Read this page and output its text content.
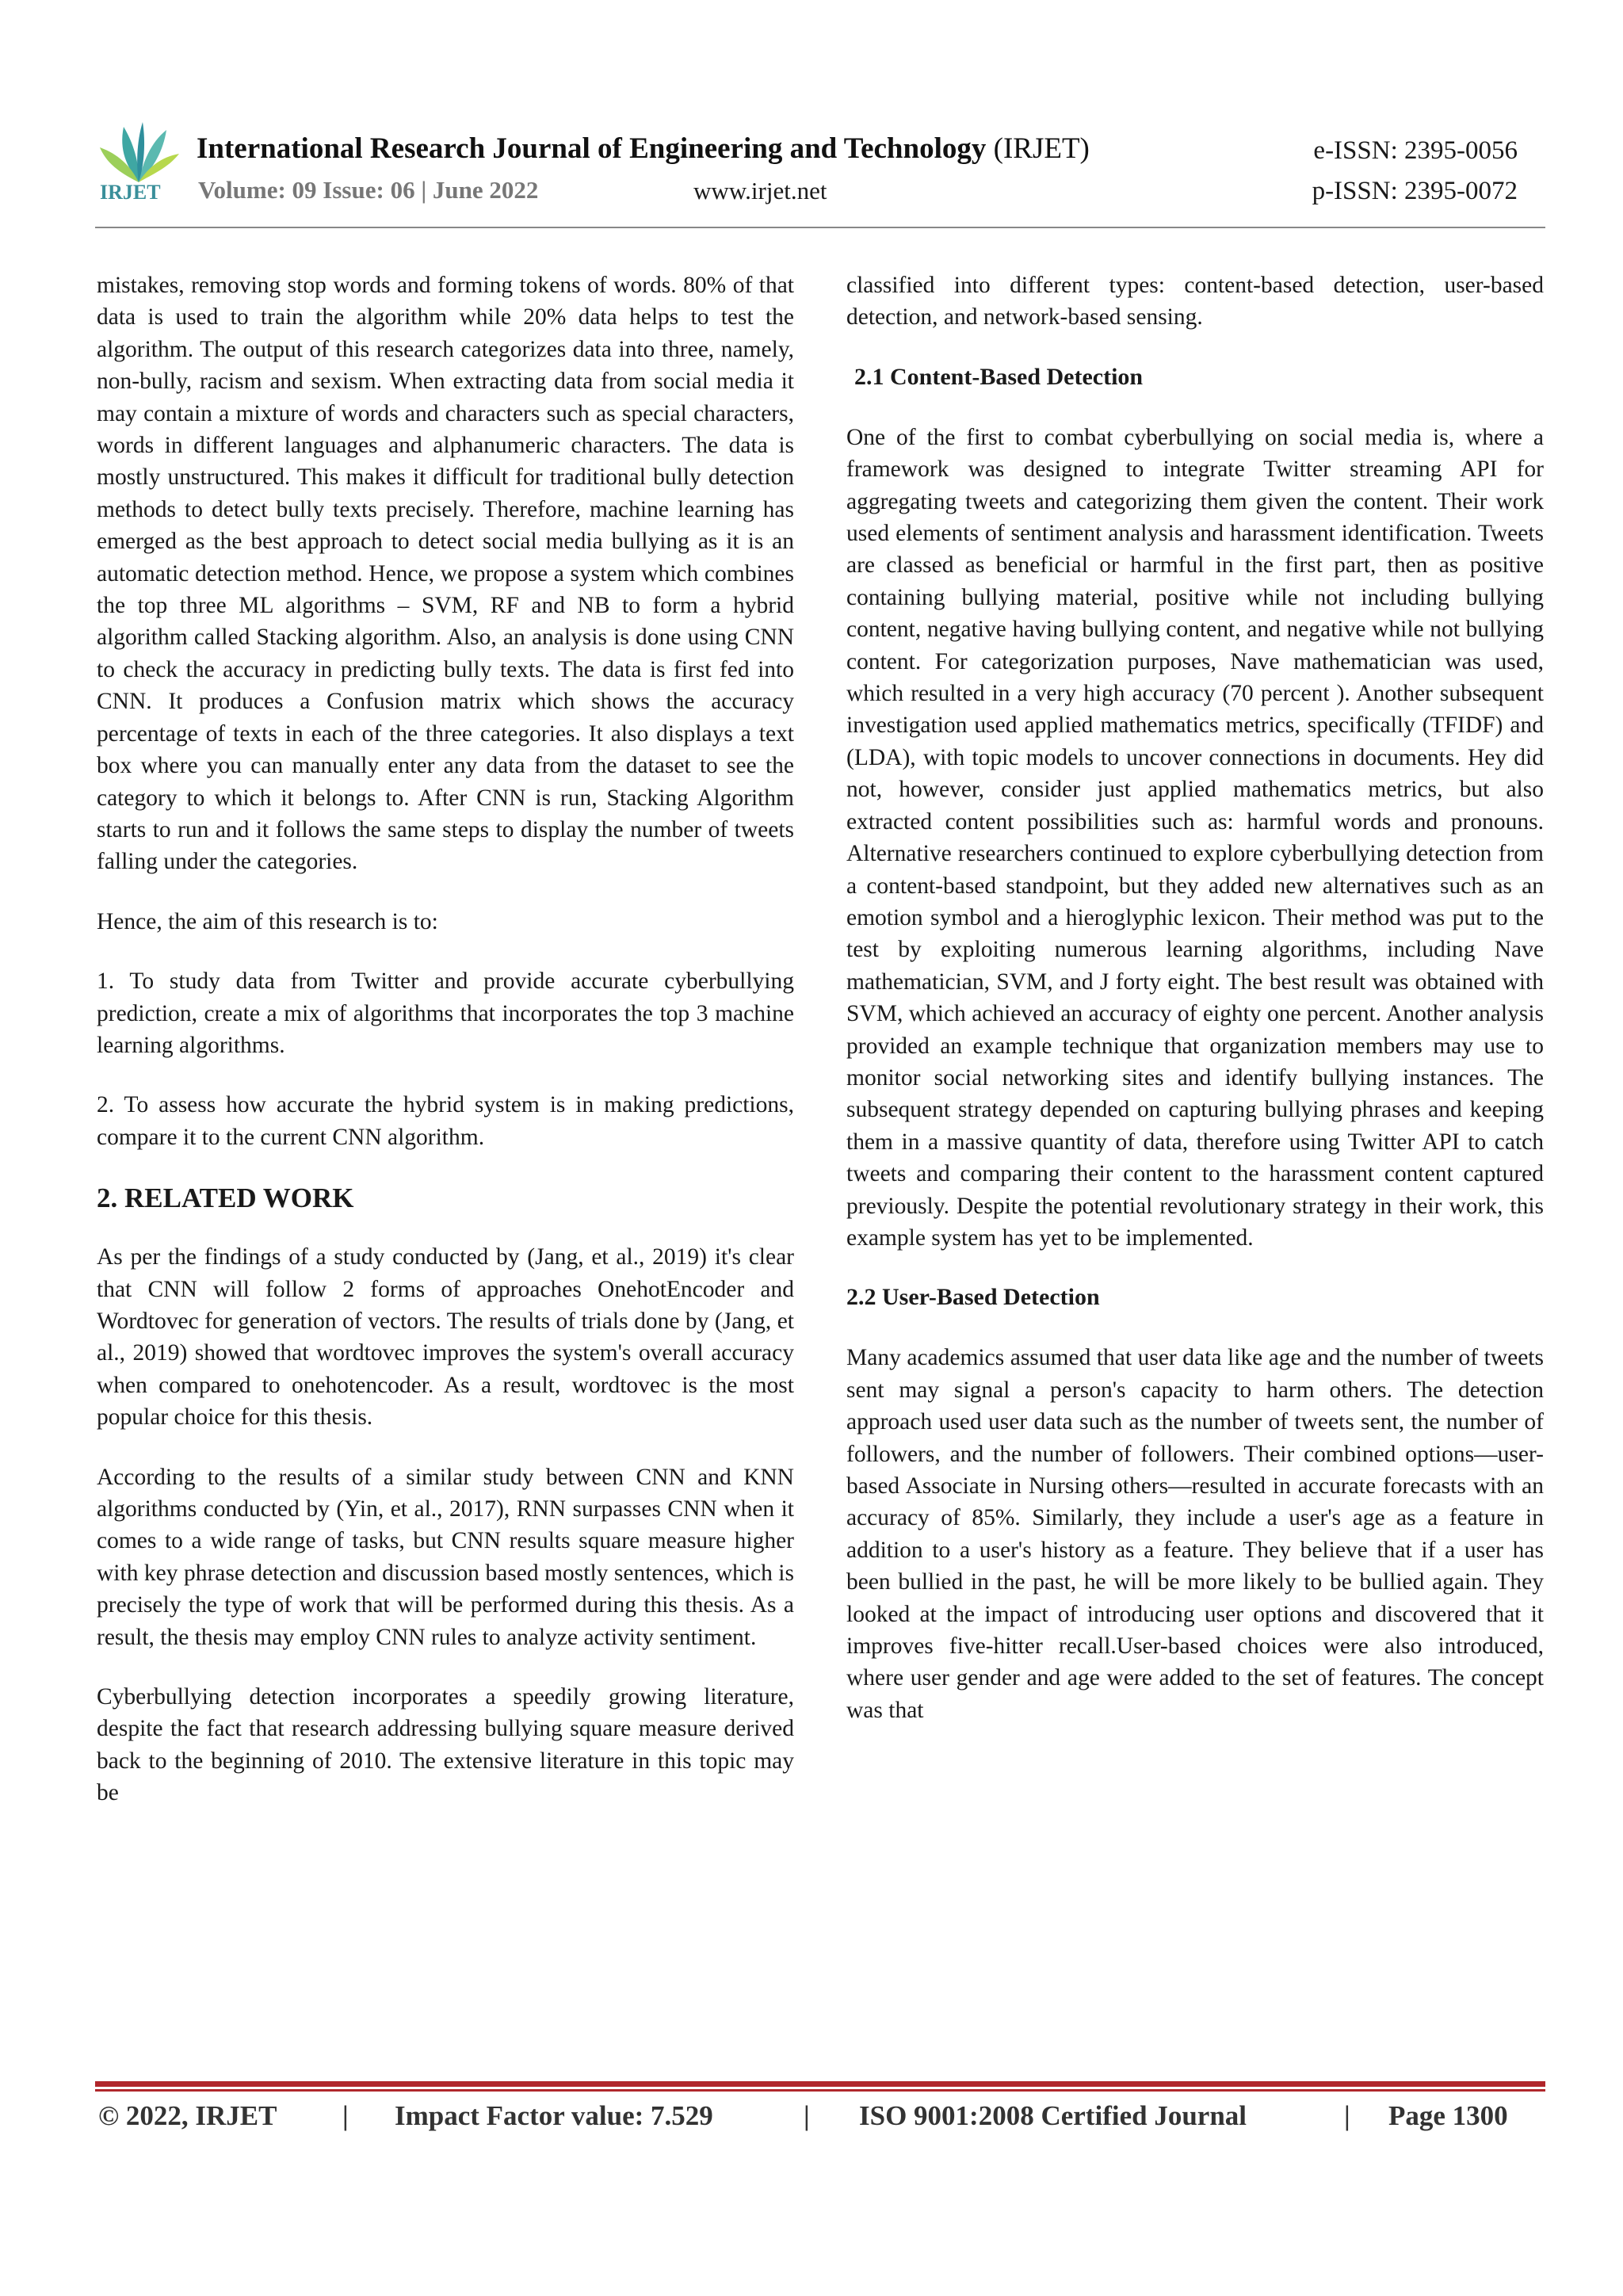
IRJET
International Research Journal of Engineering and Technology (IRJET)	e-ISSN: 2395-0056
Volume: 09 Issue: 06 | June 2022	www.irjet.net	p-ISSN: 2395-0072

mistakes, removing stop words and forming tokens of words. 80% of that data is used to train the algorithm while 20% data helps to test the algorithm. The output of this research categorizes data into three, namely, non-bully, racism and sexism. When extracting data from social media it may contain a mixture of words and characters such as special characters, words in different languages and alphanumeric characters. The data is mostly unstructured. This makes it difficult for traditional bully detection methods to detect bully texts precisely. Therefore, machine learning has emerged as the best approach to detect social media bullying as it is an automatic detection method. Hence, we propose a system which combines the top three ML algorithms – SVM, RF and NB to form a hybrid algorithm called Stacking algorithm. Also, an analysis is done using CNN to check the accuracy in predicting bully texts. The data is first fed into CNN. It produces a Confusion matrix which shows the accuracy percentage of texts in each of the three categories. It also displays a text box where you can manually enter any data from the dataset to see the category to which it belongs to. After CNN is run, Stacking Algorithm starts to run and it follows the same steps to display the number of tweets falling under the categories.

Hence, the aim of this research is to:

1. To study data from Twitter and provide accurate cyberbullying prediction, create a mix of algorithms that incorporates the top 3 machine learning algorithms.

2. To assess how accurate the hybrid system is in making predictions, compare it to the current CNN algorithm.

2. RELATED WORK

As per the findings of a study conducted by (Jang, et al., 2019) it's clear that CNN will follow 2 forms of approaches OnehotEncoder and Wordtovec for generation of vectors. The results of trials done by (Jang, et al., 2019) showed that wordtovec improves the system's overall accuracy when compared to onehotencoder. As a result, wordtovec is the most popular choice for this thesis.

According to the results of a similar study between CNN and KNN algorithms conducted by (Yin, et al., 2017), RNN surpasses CNN when it comes to a wide range of tasks, but CNN results square measure higher with key phrase detection and discussion based mostly sentences, which is precisely the type of work that will be performed during this thesis. As a result, the thesis may employ CNN rules to analyze activity sentiment.

Cyberbullying detection incorporates a speedily growing literature, despite the fact that research addressing bullying square measure derived back to the beginning of 2010. The extensive literature in this topic may be

classified into different types: content-based detection, user-based detection, and network-based sensing.

2.1 Content-Based Detection

One of the first to combat cyberbullying on social media is, where a framework was designed to integrate Twitter streaming API for aggregating tweets and categorizing them given the content. Their work used elements of sentiment analysis and harassment identification. Tweets are classed as beneficial or harmful in the first part, then as positive containing bullying material, positive while not including bullying content, negative having bullying content, and negative while not bullying content. For categorization purposes, Nave mathematician was used, which resulted in a very high accuracy (70 percent ). Another subsequent investigation used applied mathematics metrics, specifically (TFIDF) and (LDA), with topic models to uncover connections in documents. Hey did not, however, consider just applied mathematics metrics, but also extracted content possibilities such as: harmful words and pronouns. Alternative researchers continued to explore cyberbullying detection from a content-based standpoint, but they added new alternatives such as an emotion symbol and a hieroglyphic lexicon. Their method was put to the test by exploiting numerous learning algorithms, including Nave mathematician, SVM, and J forty eight. The best result was obtained with SVM, which achieved an accuracy of eighty one percent. Another analysis provided an example technique that organization members may use to monitor social networking sites and identify bullying instances. The subsequent strategy depended on capturing bullying phrases and keeping them in a massive quantity of data, therefore using Twitter API to catch tweets and comparing their content to the harassment content captured previously. Despite the potential revolutionary strategy in their work, this example system has yet to be implemented.

2.2 User-Based Detection

Many academics assumed that user data like age and the number of tweets sent may signal a person's capacity to harm others. The detection approach used user data such as the number of tweets sent, the number of followers, and the number of followers. Their combined options—user-based Associate in Nursing others—resulted in accurate forecasts with an accuracy of 85%. Similarly, they include a user's age as a feature in addition to a user's history as a feature. They believe that if a user has been bullied in the past, he will be more likely to be bullied again. They looked at the impact of introducing user options and discovered that it improves five-hitter recall.User-based choices were also introduced, where user gender and age were added to the set of features. The concept was that

© 2022, IRJET | Impact Factor value: 7.529	| ISO 9001:2008 Certified Journal	| Page 1300
